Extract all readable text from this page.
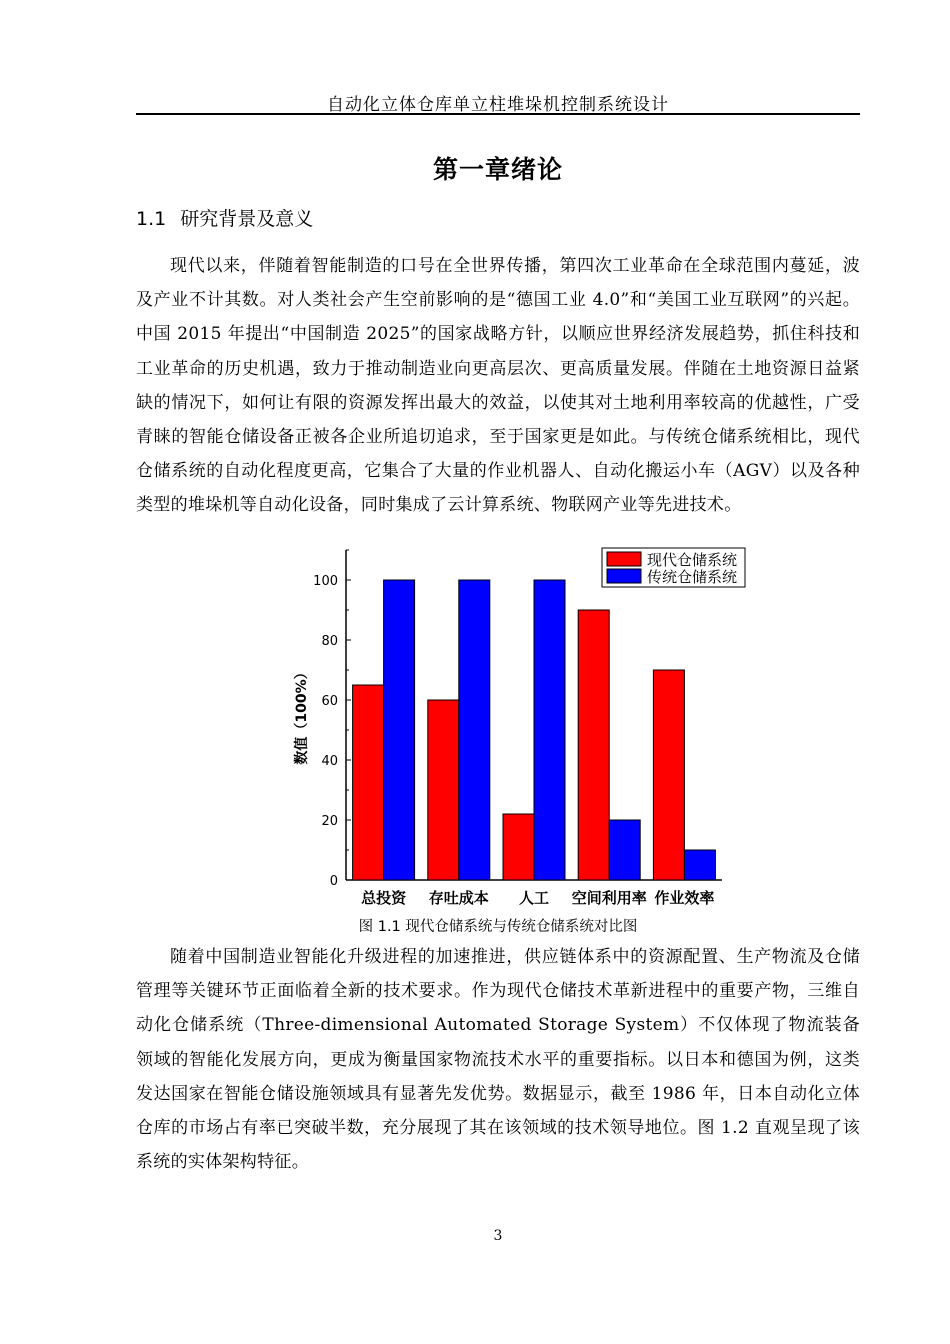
自动化立体仓库单立柱堆垛机控制系统设计
第一章绪论
1.1 研究背景及意义
现代以来，伴随着智能制造的口号在全世界传播，第四次工业革命在全球范围内蔓延，波及产业不计其数。对人类社会产生空前影响的是“德国工业 4.0”和“美国工业互联网”的兴起。中国 2015 年提出“中国制造 2025”的国家战略方针，以顺应世界经济发展趋势，抓住科技和工业革命的历史机遇，致力于推动制造业向更高层次、更高质量发展。伴随在土地资源日益紧缺的情况下，如何让有限的资源发挥出最大的效益，以使其对土地利用率较高的优越性，广受青睐的智能仓储设备正被各企业所追切追求，至于国家更是如此。与传统仓储系统相比，现代仓储系统的自动化程度更高，它集合了大量的作业机器人、自动化搬运小车（AGV）以及各种类型的堆垛机等自动化设备，同时集成了云计算系统、物联网产业等先进技术。
0
20
40
60
80
100
数值（100%）
总投资 存吐成本 人工 空间利用率 作业效率
现代仓储系统
传统仓储系统
图 1.1 现代仓储系统与传统仓储系统对比图
随着中国制造业智能化升级进程的加速推进，供应链体系中的资源配置、生产物流及仓储管理等关键环节正面临着全新的技术要求。作为现代仓储技术革新进程中的重要产物，三维自动化仓储系统（Three-dimensional Automated Storage System）不仅体现了物流装备领域的智能化发展方向，更成为衡量国家物流技术水平的重要指标。以日本和德国为例，这类发达国家在智能仓储设施领域具有显著先发优势。数据显示，截至 1986 年，日本自动化立体仓库的市场占有率已突破半数，充分展现了其在该领域的技术领导地位。图 1.2 直观呈现了该系统的实体架构特征。
3
